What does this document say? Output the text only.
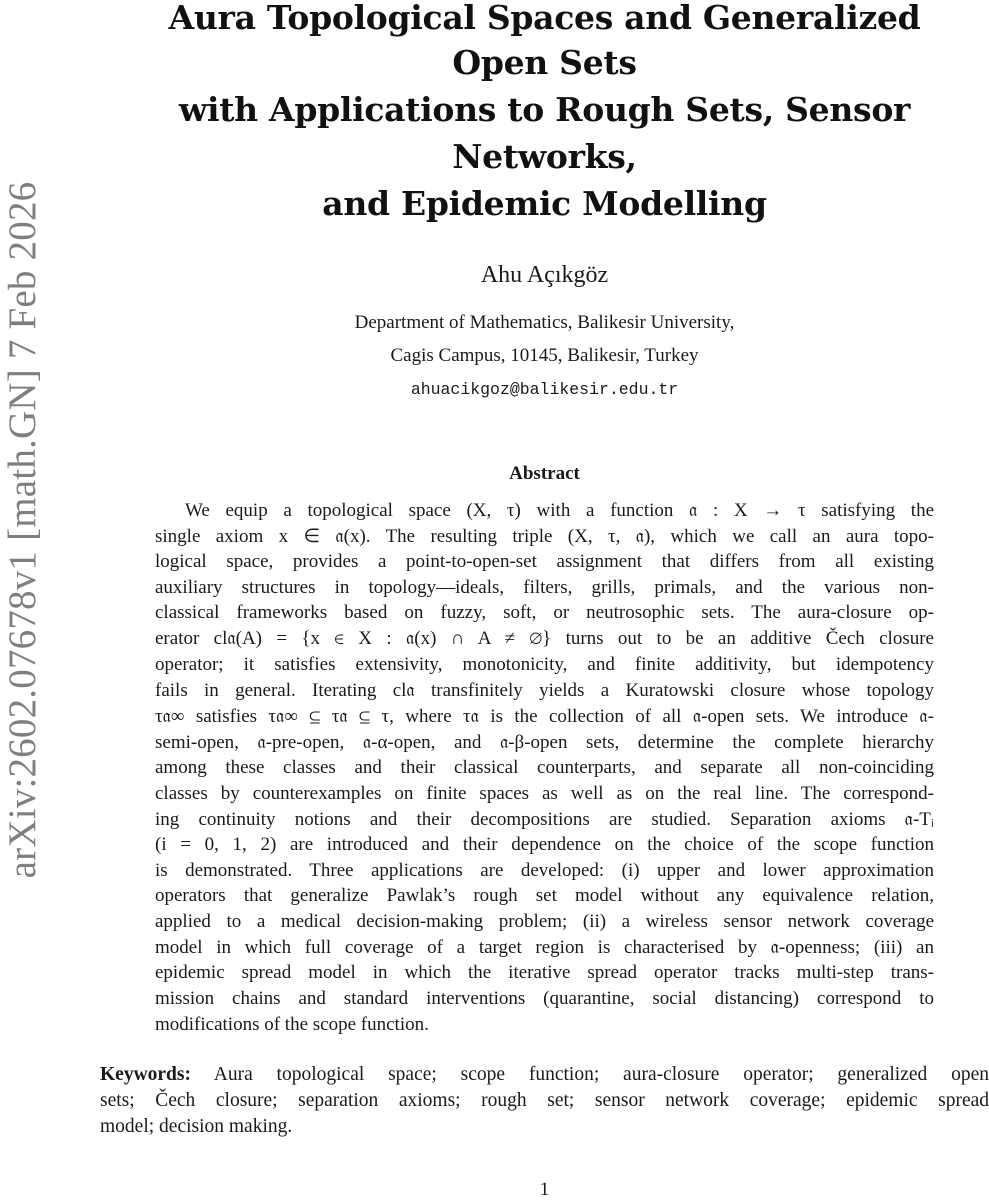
arXiv:2602.07678v1 [math.GN] 7 Feb 2026
Aura Topological Spaces and Generalized
Open Sets
with Applications to Rough Sets, Sensor
Networks,
and Epidemic Modelling
Ahu Açıkgöz
Department of Mathematics, Balikesir University,
Cagis Campus, 10145, Balikesir, Turkey
ahuacikgoz@balikesir.edu.tr
Abstract
We equip a topological space (X, τ) with a function 𝔞 : X → τ satisfying the
single axiom x ∈ 𝔞(x). The resulting triple (X, τ, 𝔞), which we call an aura topo-
logical space, provides a point-to-open-set assignment that differs from all existing
auxiliary structures in topology—ideals, filters, grills, primals, and the various non-
classical frameworks based on fuzzy, soft, or neutrosophic sets. The aura-closure op-
erator cl𝔞(A) = {x ∈ X : 𝔞(x) ∩ A ≠ ∅} turns out to be an additive Čech closure
operator; it satisfies extensivity, monotonicity, and finite additivity, but idempotency
fails in general. Iterating cl𝔞 transfinitely yields a Kuratowski closure whose topology
τ𝔞∞ satisfies τ𝔞∞ ⊆ τ𝔞 ⊆ τ, where τ𝔞 is the collection of all 𝔞-open sets. We introduce 𝔞-
semi-open, 𝔞-pre-open, 𝔞-α-open, and 𝔞-β-open sets, determine the complete hierarchy
among these classes and their classical counterparts, and separate all non-coinciding
classes by counterexamples on finite spaces as well as on the real line. The correspond-
ing continuity notions and their decompositions are studied. Separation axioms 𝔞-Tᵢ
(i = 0, 1, 2) are introduced and their dependence on the choice of the scope function
is demonstrated. Three applications are developed: (i) upper and lower approximation
operators that generalize Pawlak’s rough set model without any equivalence relation,
applied to a medical decision-making problem; (ii) a wireless sensor network coverage
model in which full coverage of a target region is characterised by 𝔞-openness; (iii) an
epidemic spread model in which the iterative spread operator tracks multi-step trans-
mission chains and standard interventions (quarantine, social distancing) correspond to
modifications of the scope function.
Keywords: Aura topological space; scope function; aura-closure operator; generalized open
sets; Čech closure; separation axioms; rough set; sensor network coverage; epidemic spread
model; decision making.
1
